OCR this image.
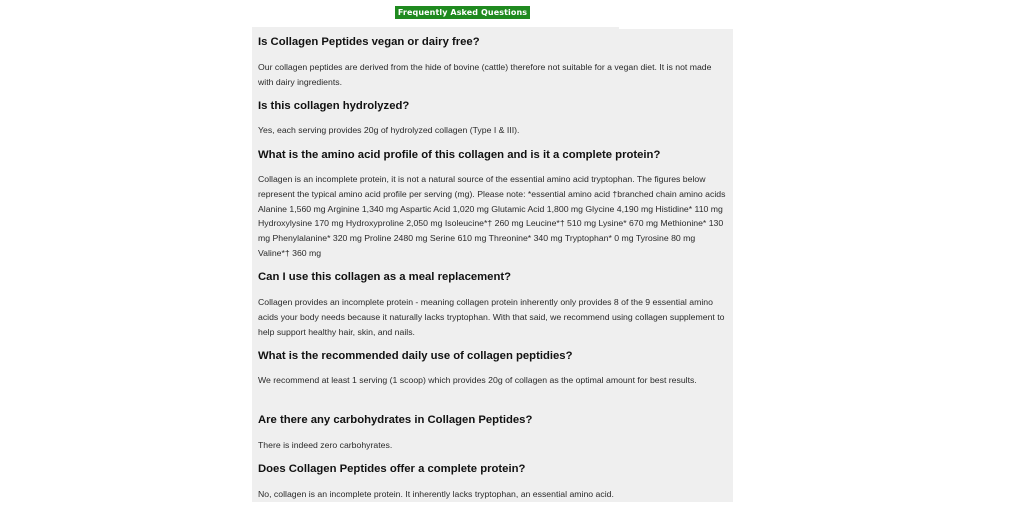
Frequently Asked Questions

Is Collagen Peptides vegan or dairy free?

Our collagen peptides are derived from the hide of bovine (cattle) therefore not suitable for a vegan diet. It is not made with dairy ingredients.

Is this collagen hydrolyzed?

Yes, each serving provides 20g of hydrolyzed collagen (Type I & III).

What is the amino acid profile of this collagen and is it a complete protein?

Collagen is an incomplete protein, it is not a natural source of the essential amino acid tryptophan. The figures below represent the typical amino acid profile per serving (mg). Please note: *essential amino acid †branched chain amino acids Alanine 1,560 mg Arginine 1,340 mg Aspartic Acid 1,020 mg Glutamic Acid 1,800 mg Glycine 4,190 mg Histidine* 110 mg Hydroxylysine 170 mg Hydroxyproline 2,050 mg Isoleucine*† 260 mg Leucine*† 510 mg Lysine* 670 mg Methionine* 130 mg Phenylalanine* 320 mg Proline 2480 mg Serine 610 mg Threonine* 340 mg Tryptophan* 0 mg Tyrosine 80 mg Valine*† 360 mg

Can I use this collagen as a meal replacement?

Collagen provides an incomplete protein - meaning collagen protein inherently only provides 8 of the 9 essential amino acids your body needs because it naturally lacks tryptophan. With that said, we recommend using collagen supplement to help support healthy hair, skin, and nails.

What is the recommended daily use of collagen peptidies?

We recommend at least 1 serving (1 scoop) which provides 20g of collagen as the optimal amount for best results.

Are there any carbohydrates in Collagen Peptides?

There is indeed zero carbohyrates.

Does Collagen Peptides offer a complete protein?

No, collagen is an incomplete protein. It inherently lacks tryptophan, an essential amino acid.
